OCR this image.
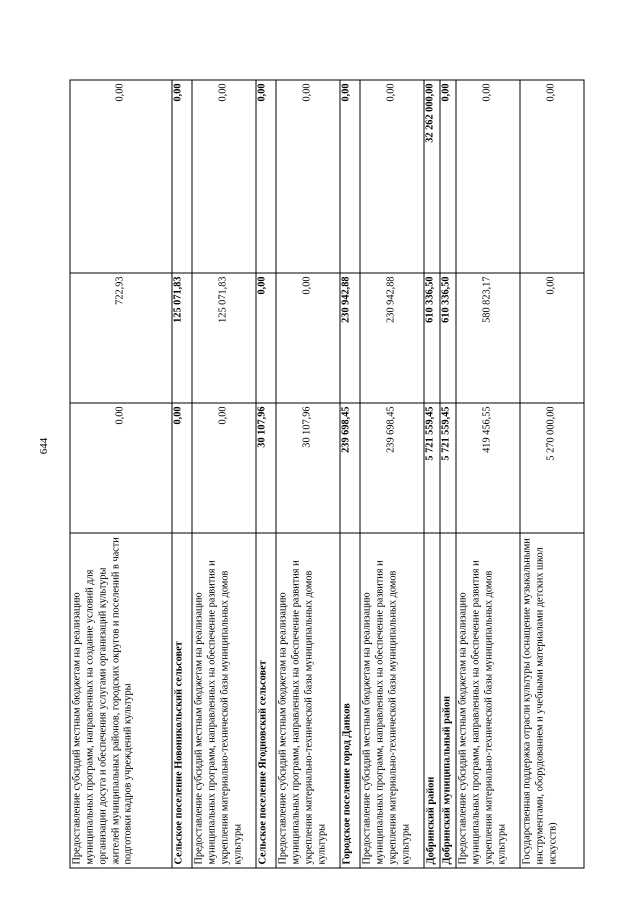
644
Предоставление субсидий местным бюджетам на реализацию муниципальных программ, направленных на создание условий для организации досуга и обеспечения услугами организаций культуры жителей муниципальных районов, городских округов и поселений в части подготовки кадров учреждений культуры	0,00	722,93	0,00
Сельское поселение Новоникольский сельсовет	0,00	125 071,83	0,00
Предоставление субсидий местным бюджетам на реализацию муниципальных программ, направленных на обеспечение развития и укрепления материально-технической базы муниципальных домов культуры	0,00	125 071,83	0,00
Сельское поселение Ягодновский сельсовет	30 107,96	0,00	0,00
Предоставление субсидий местным бюджетам на реализацию муниципальных программ, направленных на обеспечение развития и укрепления материально-технической базы муниципальных домов культуры	30 107,96	0,00	0,00
Городское поселение город Данков	239 698,45	230 942,88	0,00
Предоставление субсидий местным бюджетам на реализацию муниципальных программ, направленных на обеспечение развития и укрепления материально-технической базы муниципальных домов культуры	239 698,45	230 942,88	0,00
Добринский район	5 721 559,45	610 336,50	32 262 000,00
Добринский муниципальный район	5 721 559,45	610 336,50	0,00
Предоставление субсидий местным бюджетам на реализацию муниципальных программ, направленных на обеспечение развития и укрепления материально-технической базы муниципальных домов культуры	419 456,55	580 823,17	0,00
Государственная поддержка отрасли культуры (оснащение музыкальными инструментами, оборудованием и учебными материалами детских школ искусств)	5 270 000,00	0,00	0,00
